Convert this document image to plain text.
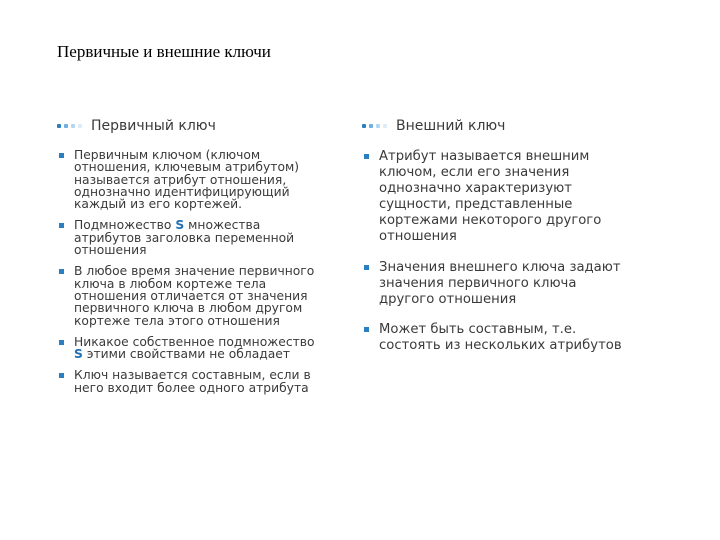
Первичные и внешние ключи
Первичный ключ
Первичным ключом (ключом отношения, ключевым атрибутом) называется атрибут отношения, однозначно идентифицирующий каждый из его кортежей.
Подмножество S множества атрибутов заголовка переменной отношения
В любое время значение первичного ключа в любом кортеже тела отношения отличается от значения первичного ключа в любом другом кортеже тела этого отношения
Никакое собственное подмножество S этими свойствами не обладает
Ключ называется составным, если в него входит более одного атрибута
Внешний ключ
Атрибут называется внешним ключом, если его значения однозначно характеризуют сущности, представленные кортежами некоторого другого отношения
Значения внешнего ключа задают значения первичного ключа другого отношения
Может быть составным, т.е. состоять из нескольких атрибутов
